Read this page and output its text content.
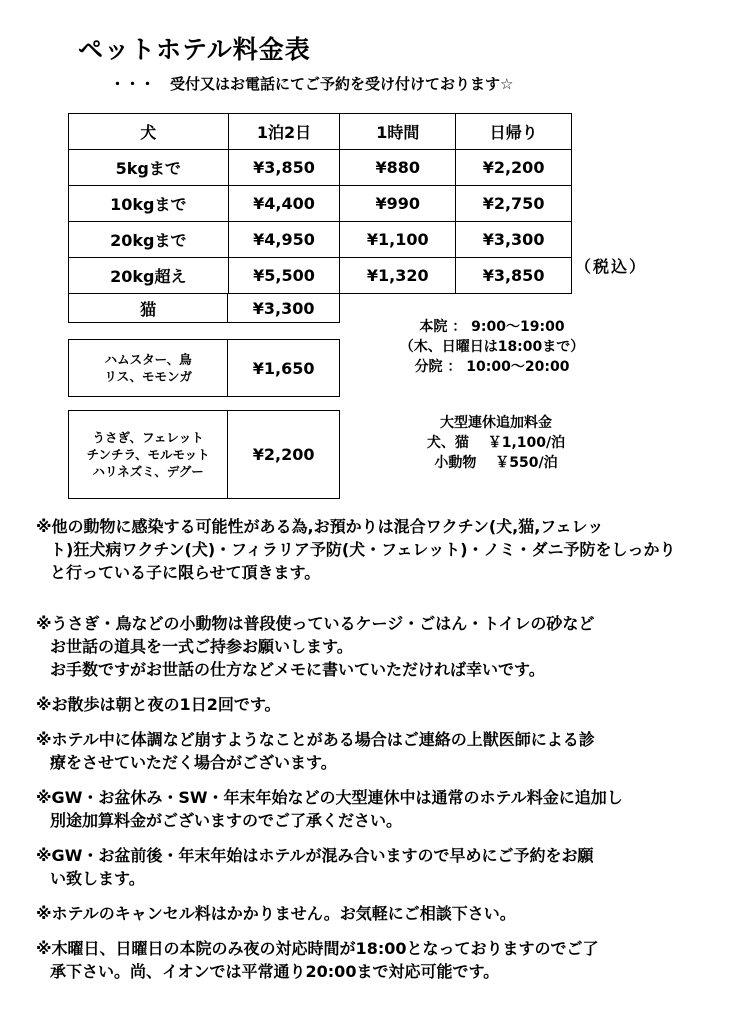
ペットホテル料金表
・・・　受付又はお電話にてご予約を受け付けております☆
犬	1泊2日	1時間	日帰り
5kgまで	¥3,850	¥880	¥2,200
10kgまで	¥4,400	¥990	¥2,750
20kgまで	¥4,950	¥1,100	¥3,300
20kg超え	¥5,500	¥1,320	¥3,850 （税込）
猫	¥3,300
ハムスター、鳥
リス、モモンガ	¥1,650
うさぎ、フェレット
チンチラ、モルモット
ハリネズミ、デグー
	¥2,200
本院 ： 9:00～19:00
（木、日曜日は18:00まで）
分院 ： 10:00～20:00
大型連休追加料金
犬、猫　 ￥1,100/泊
小動物　 ￥550/泊

※他の動物に感染する可能性がある為,お預かりは混合ワクチン(犬,猫,フェレッ
ト)狂犬病ワクチン(犬)・フィラリア予防(犬・フェレット)・ノミ・ダニ予防をしっかり
と行っている子に限らせて頂きます。

※うさぎ・鳥などの小動物は普段使っているケージ・ごはん・トイレの砂など
お世話の道具を一式ご持参お願いします。
お手数ですがお世話の仕方などメモに書いていただければ幸いです。

※お散歩は朝と夜の1日2回です。

※ホテル中に体調など崩すようなことがある場合はご連絡の上獣医師による診
療をさせていただく場合がございます。

※GW・お盆休み・SW・年末年始などの大型連休中は通常のホテル料金に追加し
別途加算料金がございますのでご了承ください。

※GW・お盆前後・年末年始はホテルが混み合いますので早めにご予約をお願
い致します。

※ホテルのキャンセル料はかかりません。お気軽にご相談下さい。

※木曜日、日曜日の本院のみ夜の対応時間が18:00となっておりますのでご了
承下さい。尚、イオンでは平常通り20:00まで対応可能です。
